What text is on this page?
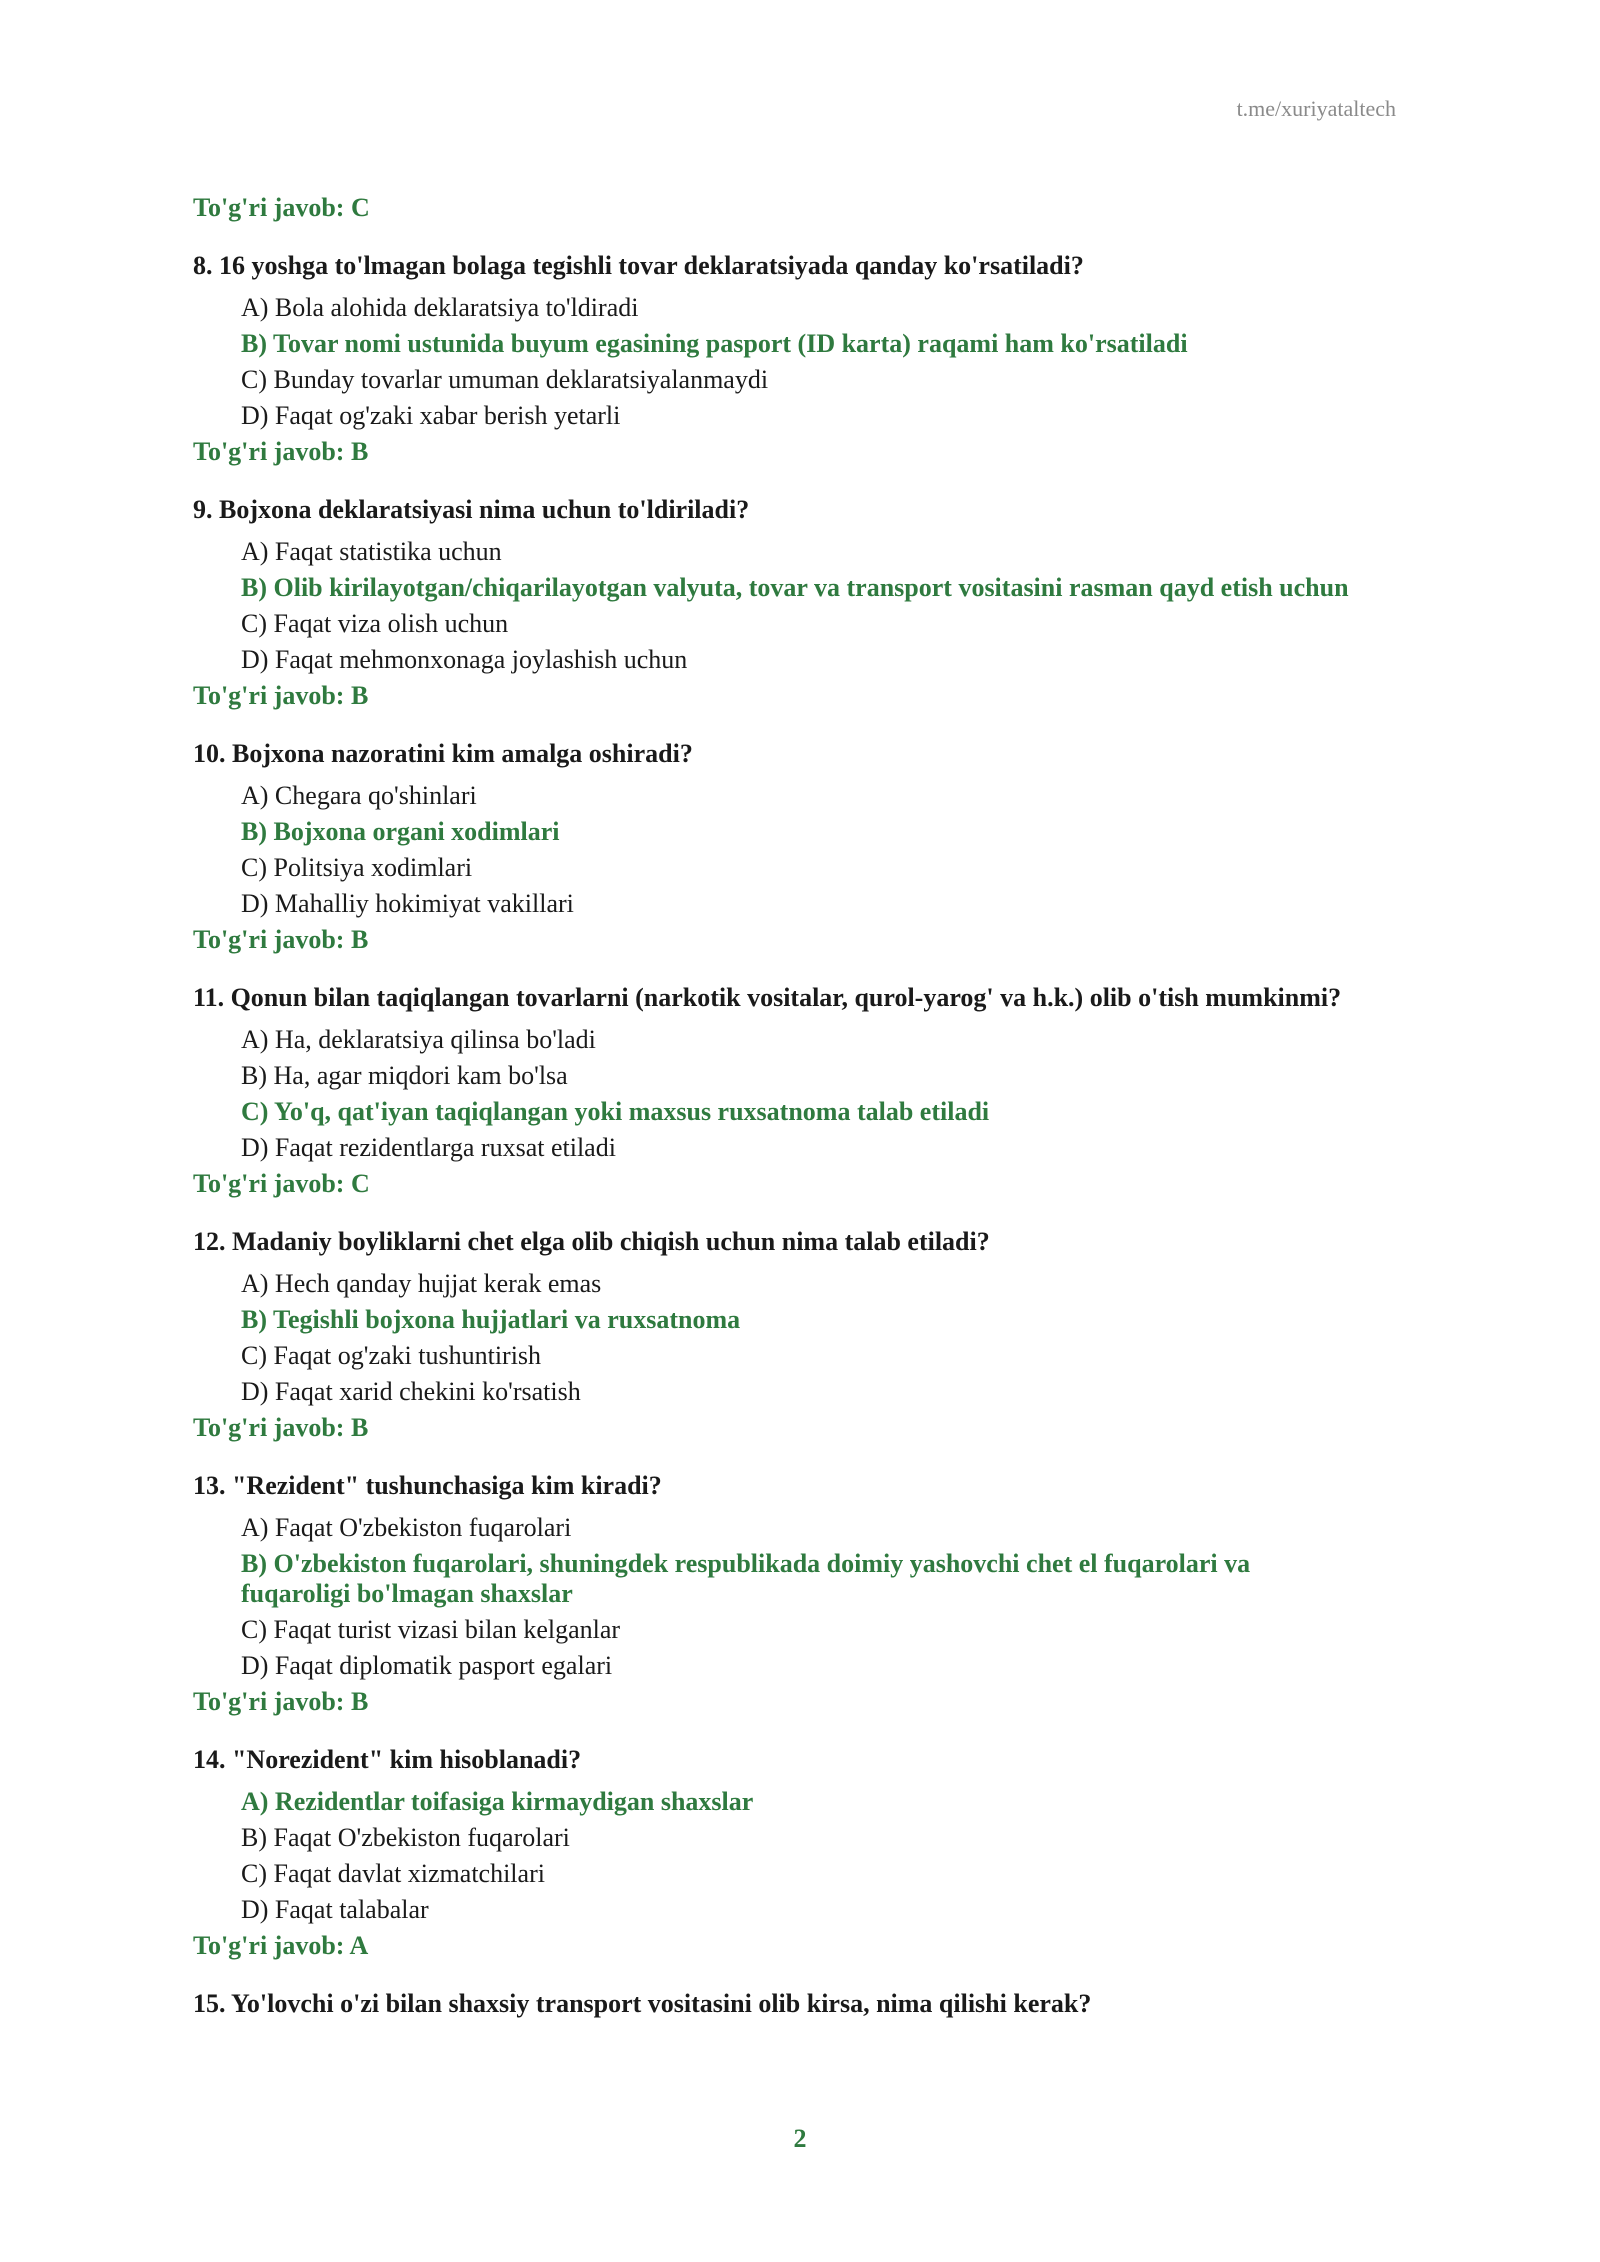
t.me/xuriyataltech
To'g'ri javob: C
8. 16 yoshga to'lmagan bolaga tegishli tovar deklaratsiyada qanday ko'rsatiladi?
A) Bola alohida deklaratsiya to'ldiradi
B) Tovar nomi ustunida buyum egasining pasport (ID karta) raqami ham ko'rsatiladi
C) Bunday tovarlar umuman deklaratsiyalanmaydi
D) Faqat og'zaki xabar berish yetarli
To'g'ri javob: B
9. Bojxona deklaratsiyasi nima uchun to'ldiriladi?
A) Faqat statistika uchun
B) Olib kirilayotgan/chiqarilayotgan valyuta, tovar va transport vositasini rasman qayd etish uchun
C) Faqat viza olish uchun
D) Faqat mehmonxonaga joylashish uchun
To'g'ri javob: B
10. Bojxona nazoratini kim amalga oshiradi?
A) Chegara qo'shinlari
B) Bojxona organi xodimlari
C) Politsiya xodimlari
D) Mahalliy hokimiyat vakillari
To'g'ri javob: B
11. Qonun bilan taqiqlangan tovarlarni (narkotik vositalar, qurol-yarog' va h.k.) olib o'tish mumkinmi?
A) Ha, deklaratsiya qilinsa bo'ladi
B) Ha, agar miqdori kam bo'lsa
C) Yo'q, qat'iyan taqiqlangan yoki maxsus ruxsatnoma talab etiladi
D) Faqat rezidentlarga ruxsat etiladi
To'g'ri javob: C
12. Madaniy boyliklarni chet elga olib chiqish uchun nima talab etiladi?
A) Hech qanday hujjat kerak emas
B) Tegishli bojxona hujjatlari va ruxsatnoma
C) Faqat og'zaki tushuntirish
D) Faqat xarid chekini ko'rsatish
To'g'ri javob: B
13. "Rezident" tushunchasiga kim kiradi?
A) Faqat O'zbekiston fuqarolari
B) O'zbekiston fuqarolari, shuningdek respublikada doimiy yashovchi chet el fuqarolari va fuqaroligi bo'lmagan shaxslar
C) Faqat turist vizasi bilan kelganlar
D) Faqat diplomatik pasport egalari
To'g'ri javob: B
14. "Norezident" kim hisoblanadi?
A) Rezidentlar toifasiga kirmaydigan shaxslar
B) Faqat O'zbekiston fuqarolari
C) Faqat davlat xizmatchilari
D) Faqat talabalar
To'g'ri javob: A
15. Yo'lovchi o'zi bilan shaxsiy transport vositasini olib kirsa, nima qilishi kerak?
2
